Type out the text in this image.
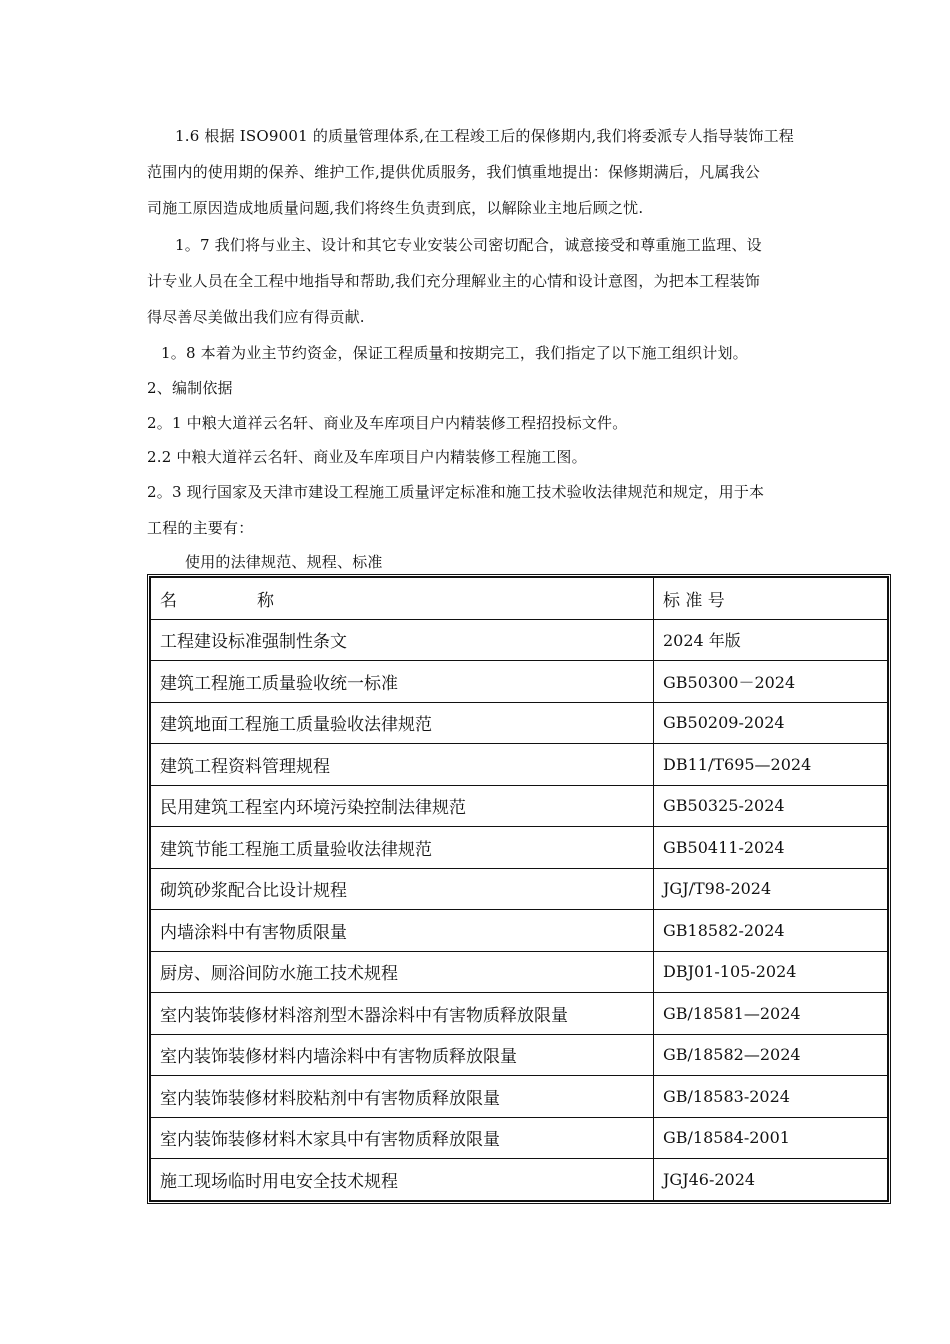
1.6 根据 ISO9001 的质量管理体系,在工程竣工后的保修期内,我们将委派专人指导装饰工程
范围内的使用期的保养、维护工作,提供优质服务，我们慎重地提出：保修期满后，凡属我公
司施工原因造成地质量问题,我们将终生负责到底，以解除业主地后顾之忧.
1。7 我们将与业主、设计和其它专业安装公司密切配合，诚意接受和尊重施工监理、设
计专业人员在全工程中地指导和帮助,我们充分理解业主的心情和设计意图，为把本工程装饰
得尽善尽美做出我们应有得贡献.
1。8 本着为业主节约资金，保证工程质量和按期完工，我们指定了以下施工组织计划。
2、编制依据
2。1 中粮大道祥云名轩、商业及车库项目户内精装修工程招投标文件。
2.2 中粮大道祥云名轩、商业及车库项目户内精装修工程施工图。
2。3 现行国家及天津市建设工程施工质量评定标准和施工技术验收法律规范和规定，用于本
工程的主要有：
使用的法律规范、规程、标准
名 称	标 准 号
工程建设标准强制性条文	2024 年版
建筑工程施工质量验收统一标准	GB50300－2024
建筑地面工程施工质量验收法律规范	GB50209-2024
建筑工程资料管理规程	DB11/T695—2024
民用建筑工程室内环境污染控制法律规范	GB50325-2024
建筑节能工程施工质量验收法律规范	GB50411-2024
砌筑砂浆配合比设计规程	JGJ/T98-2024
内墙涂料中有害物质限量	GB18582-2024
厨房、厕浴间防水施工技术规程	DBJ01-105-2024
室内装饰装修材料溶剂型木器涂料中有害物质释放限量	GB/18581—2024
室内装饰装修材料内墙涂料中有害物质释放限量	GB/18582—2024
室内装饰装修材料胶粘剂中有害物质释放限量	GB/18583-2024
室内装饰装修材料木家具中有害物质释放限量	GB/18584-2001
施工现场临时用电安全技术规程	JGJ46-2024
